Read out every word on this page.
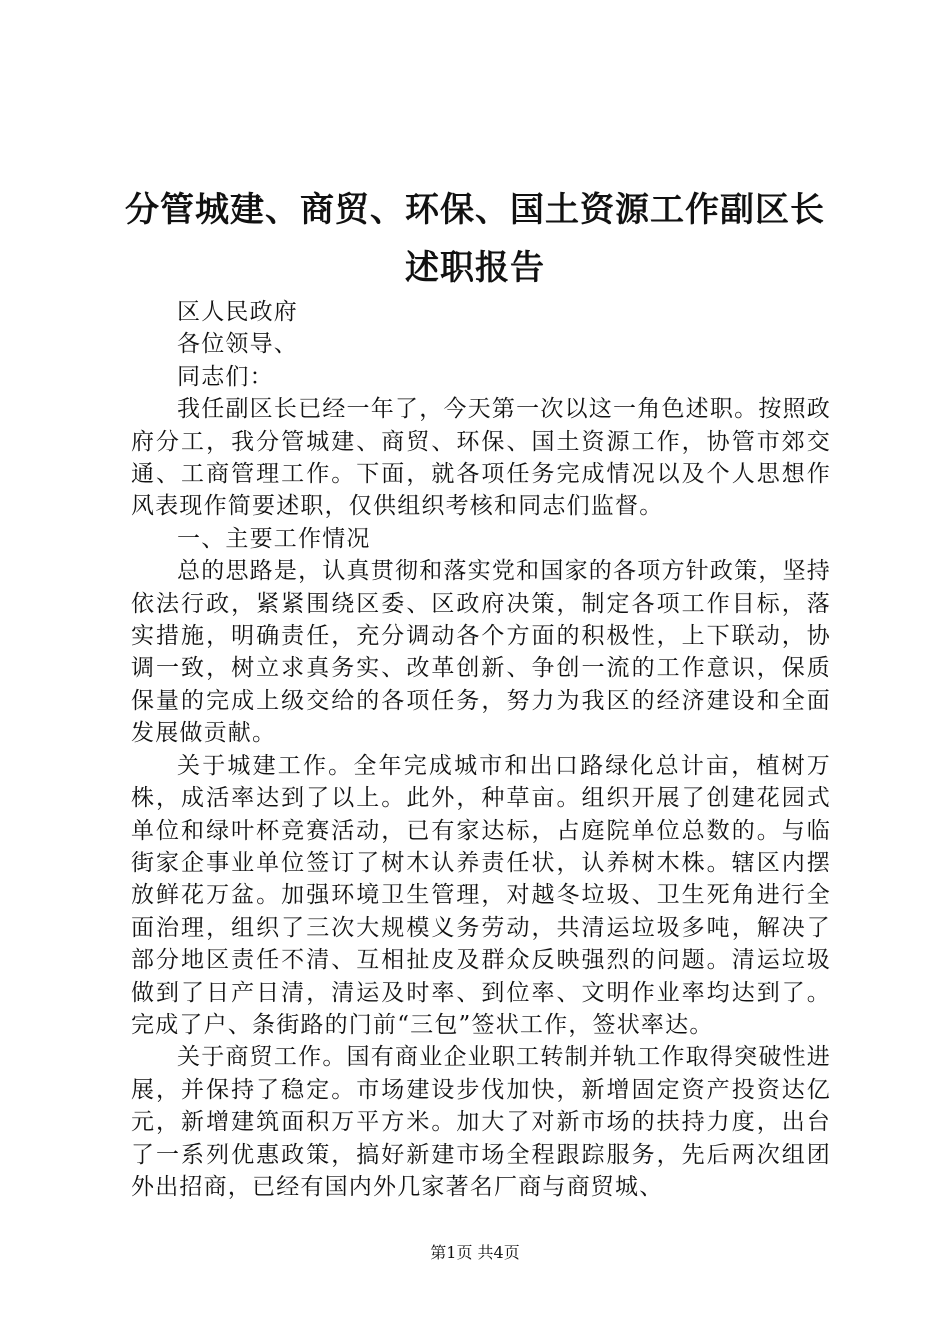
分管城建、商贸、环保、国土资源工作副区长
述职报告

区人民政府

各位领导、

同志们：

我任副区长已经一年了，今天第一次以这一角色述职。按照政府分工，我分管城建、商贸、环保、国土资源工作，协管市郊交通、工商管理工作。下面，就各项任务完成情况以及个人思想作风表现作简要述职，仅供组织考核和同志们监督。

一、主要工作情况

总的思路是，认真贯彻和落实党和国家的各项方针政策，坚持依法行政，紧紧围绕区委、区政府决策，制定各项工作目标，落实措施，明确责任，充分调动各个方面的积极性，上下联动，协调一致，树立求真务实、改革创新、争创一流的工作意识，保质保量的完成上级交给的各项任务，努力为我区的经济建设和全面发展做贡献。

关于城建工作。全年完成城市和出口路绿化总计亩，植树万株，成活率达到了以上。此外，种草亩。组织开展了创建花园式单位和绿叶杯竞赛活动，已有家达标，占庭院单位总数的。与临街家企事业单位签订了树木认养责任状，认养树木株。辖区内摆放鲜花万盆。加强环境卫生管理，对越冬垃圾、卫生死角进行全面治理，组织了三次大规模义务劳动，共清运垃圾多吨，解决了部分地区责任不清、互相扯皮及群众反映强烈的问题。清运垃圾做到了日产日清，清运及时率、到位率、文明作业率均达到了。完成了户、条街路的门前“三包”签状工作，签状率达。

关于商贸工作。国有商业企业职工转制并轨工作取得突破性进展，并保持了稳定。市场建设步伐加快，新增固定资产投资达亿元，新增建筑面积万平方米。加大了对新市场的扶持力度，出台了一系列优惠政策，搞好新建市场全程跟踪服务，先后两次组团外出招商，已经有国内外几家著名厂商与商贸城、

第1页 共4页
